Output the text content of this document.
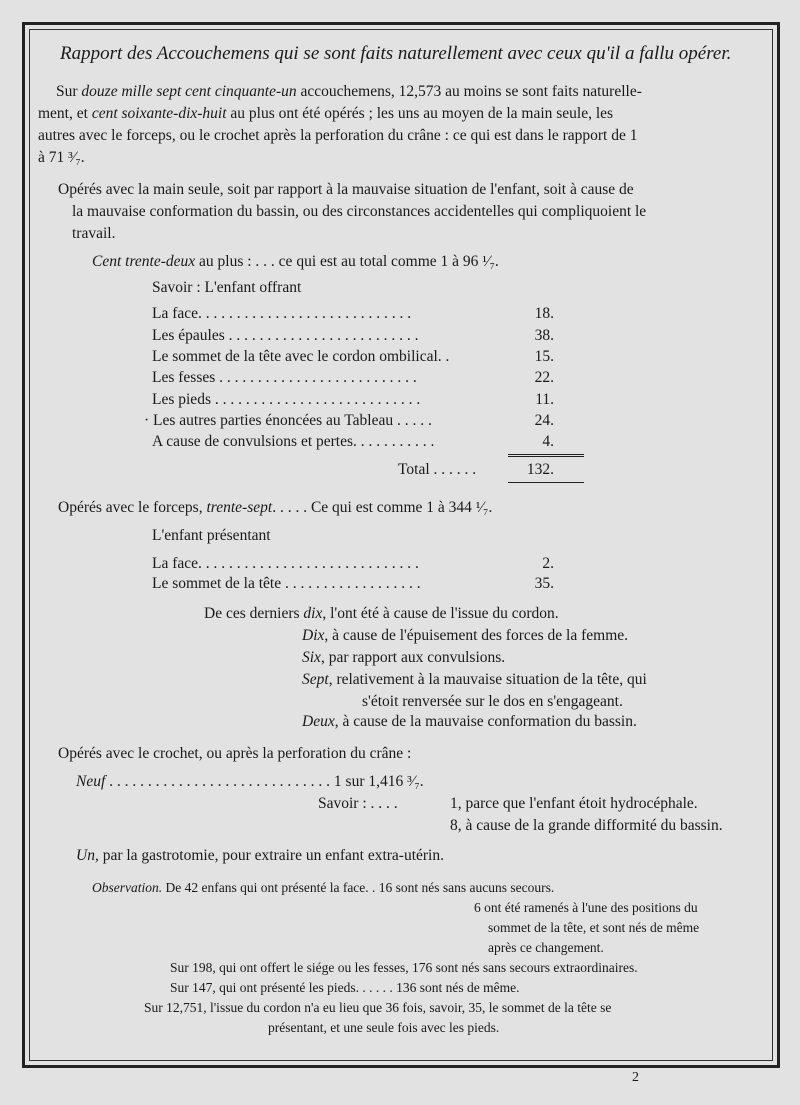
Rapport des Accouchemens qui se sont faits naturellement avec ceux qu'il a fallu opérer.
Sur douze mille sept cent cinquante-un accouchemens, 12,573 au moins se sont faits naturelle-
ment, et cent soixante-dix-huit au plus ont été opérés ; les uns au moyen de la main seule, les
autres avec le forceps, ou le crochet après la perforation du crâne : ce qui est dans le rapport de 1
à 71 ³⁄₇.
Opérés avec la main seule, soit par rapport à la mauvaise situation de l'enfant, soit à cause de
la mauvaise conformation du bassin, ou des circonstances accidentelles qui compliquoient le
travail.
Cent trente-deux au plus : . . . ce qui est au total comme 1 à 96 ¹⁄₇.
Savoir : L'enfant offrant
La face. . . . . . . . . . . . . . . . . . . . . . . . . . . .	18.
Les épaules . . . . . . . . . . . . . . . . . . . . . . . . .	38.
Le sommet de la tête avec le cordon ombilical. .	15.
Les fesses . . . . . . . . . . . . . . . . . . . . . . . . . .	22.
Les pieds . . . . . . . . . . . . . . . . . . . . . . . . . . .	11.
· Les autres parties énoncées au Tableau . . . . .	24.
A cause de convulsions et pertes. . . . . . . . . . .	4.
Total . . . . . .	132.
Opérés avec le forceps, trente-sept. . . . . Ce qui est comme 1 à 344 ¹⁄₇.
L'enfant présentant
La face. . . . . . . . . . . . . . . . . . . . . . . . . . . . .	2.
Le sommet de la tête . . . . . . . . . . . . . . . . . .	35.
De ces derniers dix, l'ont été à cause de l'issue du cordon.
Dix, à cause de l'épuisement des forces de la femme.
Six, par rapport aux convulsions.
Sept, relativement à la mauvaise situation de la tête, qui
s'étoit renversée sur le dos en s'engageant.
Deux, à cause de la mauvaise conformation du bassin.
Opérés avec le crochet, ou après la perforation du crâne :
Neuf . . . . . . . . . . . . . . . . . . . . . . . . . . . . . 1 sur 1,416 ³⁄₇.
Savoir : . . . .	1, parce que l'enfant étoit hydrocéphale.
8, à cause de la grande difformité du bassin.
Un, par la gastrotomie, pour extraire un enfant extra-utérin.
Observation. De 42 enfans qui ont présenté la face. . 16 sont nés sans aucuns secours.
6 ont été ramenés à l'une des positions du
sommet de la tête, et sont nés de même
après ce changement.
Sur 198, qui ont offert le siége ou les fesses, 176 sont nés sans secours extraordinaires.
Sur 147, qui ont présenté les pieds. . . . . . 136 sont nés de même.
Sur 12,751, l'issue du cordon n'a eu lieu que 36 fois, savoir, 35, le sommet de la tête se
présentant, et une seule fois avec les pieds.
2
